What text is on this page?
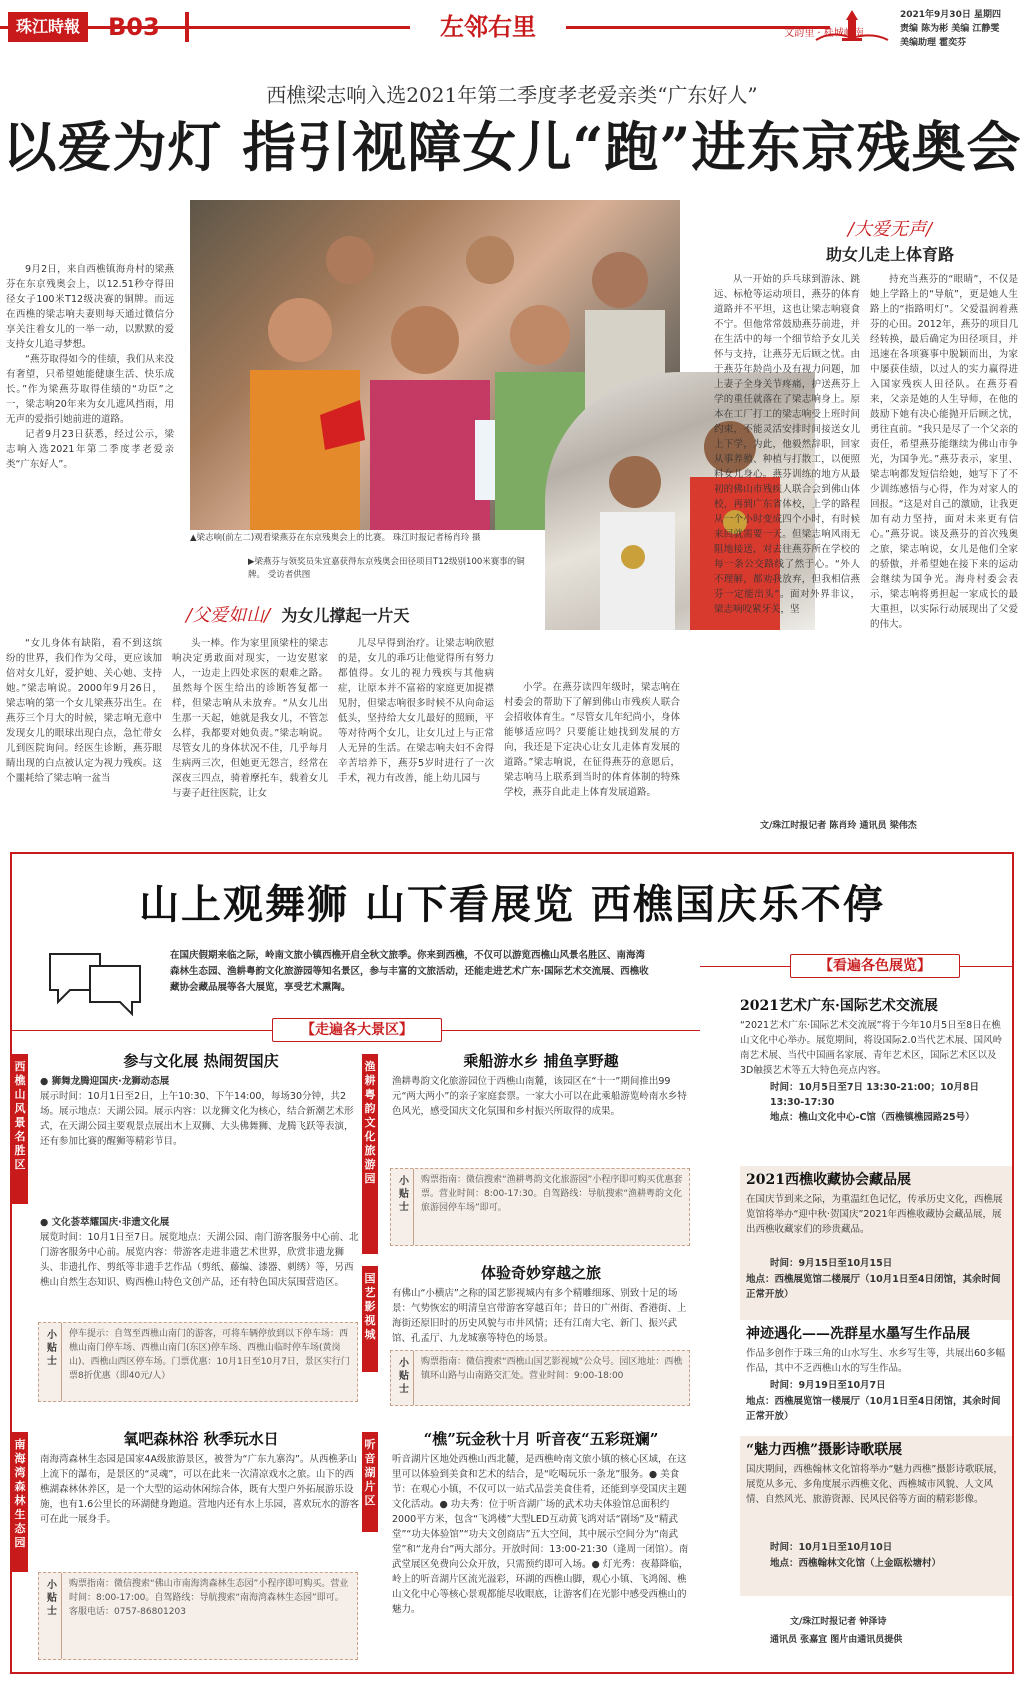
珠江時報	B03	左邻右里	文韵里 · 桂城岭南
2021年9月30日 星期四
责编 陈为彬 美编 江静雯
美编助理 霍奕芬
西樵梁志响入选2021年第二季度孝老爱亲类“广东好人”
以爱为灯 指引视障女儿“跑”进东京残奥会

9月2日，来自西樵镇海舟村的梁燕芬在东京残奥会上，以12.51秒夺得田径女子100米T12级决赛的铜牌。而远在西樵的梁志响夫妻则每天通过微信分享关注着女儿的一举一动，以默默的爱支持女儿追寻梦想。

“燕芬取得如今的佳绩，我们从来没有奢望，只希望她能健康生活、快乐成长。”作为梁燕芬取得佳绩的“功臣”之一，梁志响20年来为女儿遮风挡雨，用无声的爱指引她前进的道路。

记者9月23日获悉，经过公示，梁志响入选2021年第二季度孝老爱亲类“广东好人”。

▲梁志响(前左二)观看梁燕芬在东京残奥会上的比赛。 珠江时报记者杨肖玲 摄
▶梁燕芬与领奖员朱宜嘉获得东京残奥会田径项目T12级别100米赛事的铜牌。 受访者供图
/父爱如山/ 为女儿撑起一片天

“女儿身体有缺陷，看不到这缤纷的世界，我们作为父母，更应该加倍对女儿好，爱护她、关心她、支持她。”梁志响说。2000年9月26日，梁志响的第一个女儿梁燕芬出生。在燕芬三个月大的时候，梁志响无意中发现女儿的眼球出现白点，急忙带女儿到医院询问。经医生诊断，燕芬眼睛出现的白点被认定为视力残疾。这个噩耗给了梁志响一盆当

头一棒。作为家里顶梁柱的梁志响决定勇敢面对现实，一边安慰家人，一边走上四处求医的艰难之路。虽然每个医生给出的诊断答复都一样，但梁志响从未放弃。“从女儿出生那一天起，她就是我女儿，不管怎么样，我都要对她负责。”梁志响说。尽管女儿的身体状况不佳，几乎每月生病两三次，但她更无怨言，经常在深夜三四点，骑着摩托车，载着女儿与妻子赶往医院，让女

儿尽早得到治疗。让梁志响欣慰的是，女儿的乖巧让他觉得所有努力都值得。女儿的视力残疾与其他病症，让原本并不富裕的家庭更加捉襟见肘，但梁志响很多时候不从向命运低头，坚持给大女儿最好的照顾，平等对待两个女儿，让女儿过上与正常人无异的生活。在梁志响夫妇不舍得辛苦培养下，燕芬5岁时进行了一次手术，视力有改善，能上幼儿园与

小学。在燕芬读四年级时，梁志响在村委会的帮助下了解到佛山市残疾人联合会招收体育生。“尽管女儿年纪尚小，身体能够适应吗？只要能让她找到发展的方向，我还是下定决心让女儿走体育发展的道路。”梁志响说，在征得燕芬的意愿后，梁志响马上联系到当时的体育体制的特殊学校，燕芬自此走上体育发展道路。

/大爱无声/
助女儿走上体育路

从一开始的乒乓球到游泳、跳远、标枪等运动项目，燕芬的体育道路并不平坦，这也让梁志响寝食不宁。但他常常鼓励燕芬前进，并在生活中的每一个细节给予女儿关怀与支持，让燕芬无后顾之忧。由于燕芬年龄尚小及有视力问题，加上妻子全身关节疼痛，护送燕芬上学的重任就落在了梁志响身上。原本在工厂打工的梁志响受上班时间约束，不能灵活安排时间接送女儿上下学，为此，他毅然辞职，回家从事养殖、种植与打散工，以便照料女儿身心。燕芬训练的地方从最初的佛山市残疾人联合会到佛山体校，再到广东省体校，上学的路程从一个小时变成四个小时，有时候来回就需要一天。但梁志响风雨无阻地接送，对去往燕芬所在学校的每一条公交路线了然于心。“外人不理解，都劝我放弃，但我相信燕芬一定能出头”。面对外界非议，梁志响咬紧牙关，坚

持充当燕芬的“眼睛”，不仅是她上学路上的“导航”，更是她人生路上的“指路明灯”。父爱温润着燕芬的心田。2012年，燕芬的项目几经转换，最后确定为田径项目，并迅速在各项赛事中脱颖而出，为家中屡获佳绩，以过人的实力赢得进入国家残疾人田径队。在燕芬看来，父亲是她的人生导师，在他的鼓励下她有决心能抛开后顾之忧，勇往直前。“我只是尽了一个父亲的责任，希望燕芬能继续为佛山市争光，为国争光。”燕芬表示，家里、梁志响都发短信给她，她写下了不少训练感悟与心得，作为对家人的回报。“这是对自己的激励，让我更加有动力坚持，面对未来更有信心。”燕芬说。谈及燕芬的首次残奥之旅，梁志响说，女儿是他们全家的骄傲，并希望她在接下来的运动会继续为国争光。海舟村委会表示，梁志响将勇担起一家成长的最大重担，以实际行动展现出了父爱的伟大。

文/珠江时报记者 陈肖玲 通讯员 梁伟杰
山上观舞狮 山下看展览 西樵国庆乐不停
在国庆假期来临之际，岭南文旅小镇西樵开启全秋文旅季。你来到西樵，不仅可以游览西樵山风景名胜区、南海湾森林生态园、渔耕粤韵文化旅游园等知名景区，参与丰富的文旅活动，还能走进艺术广东·国际艺术交流展、西樵收藏协会藏品展等各大展览，享受艺术熏陶。
【走遍各大景区】
【看遍各色展览】
西樵山风景名胜区
参与文化展 热闹贺国庆
● 狮舞龙腾迎国庆·龙狮动态展
展示时间：10月1日至2日，上午10:30、下午14:00，每场30分钟，共2场。展示地点：天湖公园。展示内容：以龙狮文化为核心，结合新潮艺术形式，在天湖公园主要观景点展出木上双狮、大头佛舞狮、龙腾飞跃等表演，还有参加比赛的醒狮等精彩节目。
● 文化荟萃耀国庆·非遗文化展
展览时间：10月1日至7日。展览地点：天湖公园、南门游客服务中心前、北门游客服务中心前。展览内容：带游客走进非遗艺术世界，欣赏非遗龙狮头、非遗扎作、剪纸等非遗手艺作品（剪纸、藤编、漆器、刺绣）等，另西樵山自然生态知识、购西樵山特色文创产品，还有特色国庆氛围营造区。
小贴士
停车提示：自驾至西樵山南门的游客，可将车辆停放到以下停车场：西樵山南门停车场、西樵山南门(东区)停车场、西樵山临时停车场(黄岗山)、西樵山西区停车场。门票优惠：10月1日至10月7日，景区实行门票8折优惠（即40元/人）
渔耕粤韵文化旅游园
乘船游水乡 捕鱼享野趣
渔耕粤韵文化旅游园位于西樵山南麓，该园区在“十一”期间推出99元“两大两小”的亲子家庭套票。一家大小可以在此乘船游览岭南水乡特色风光，感受国庆文化氛围和乡村振兴所取得的成果。
小贴士
购票指南：微信搜索“渔耕粤韵文化旅游园”小程序即可购买优惠套票。营业时间：8:00-17:30。自驾路线：导航搜索“渔耕粤韵文化旅游园停车场”即可。
国艺影视城
体验奇妙穿越之旅
有佛山“小横店”之称的国艺影视城内有多个精雕细琢、别致十足的场景：气势恢宏的明清皇宫带游客穿越百年；昔日的广州街、香港街、上海街还原旧时的历史风貌与市井风情；还有江南大宅、新门、振兴武馆、孔孟厅、九龙城寨等特色的场景。
小贴士
购票指南：微信搜索“西樵山国艺影视城”公众号。园区地址：西樵镇环山路与山南路交汇处。营业时间：9:00-18:00
南海湾森林生态园
氧吧森林浴 秋季玩水日
南海湾森林生态园是国家4A级旅游景区，被誉为“广东九寨沟”。从西樵茅山上流下的瀑布，是景区的“灵魂”，可以在此来一次清凉戏水之旅。山下的西樵湖森林休养区，是一个大型的运动休闲综合体，既有大型户外拓展游乐设施，也有1.6公里长的环湖健身跑道。营地内还有水上乐园，喜欢玩水的游客可在此一展身手。
小贴士
购票指南：微信搜索“佛山市南海湾森林生态园”小程序即可购买。营业时间：8:00-17:00。自驾路线：导航搜索“南海湾森林生态园”即可。客服电话：0757-86801203
听音湖片区
“樵”玩金秋十月 听音夜“五彩斑斓”
听音湖片区地处西樵山西北麓，是西樵岭南文旅小镇的核心区域，在这里可以体验到美食和艺术的结合，是“吃喝玩乐一条龙”服务。● 美食节：在观心小镇，不仅可以一站式品尝美食佳肴，还能到享受国庆主题文化活动。● 功夫秀：位于听音湖广场的武术功夫体验馆总面积约2000平方米，包含“飞鸿楼”大型LED互动黄飞鸿对话“剧场”及“精武堂”“功夫体验馆”“功夫文创商店”五大空间，其中展示空间分为“南武堂”和“龙舟台”两大部分。开放时间：13:00-21:30（逢周一闭馆）。南武堂展区免费向公众开放，只需预约即可入场。● 灯光秀：夜幕降临，岭上的听音湖片区流光溢彩，环湖的西樵山脚，观心小镇、飞鸿阁、樵山文化中心等核心景观都能尽收眼底，让游客们在光影中感受西樵山的魅力。
2021艺术广东·国际艺术交流展
“2021艺术广东·国际艺术交流展”将于今年10月5日至8日在樵山文化中心举办。展览期间，将设国际2.0当代艺术展、国风岭南艺术展、当代中国画名家展、青年艺术区，国际艺术区以及3D触摸艺术等五大特色亮点内容。
时间：10月5日至7日 13:30-21:00；10月8日 13:30-17:30
地点：樵山文化中心-C馆（西樵镇樵园路25号）
2021西樵收藏协会藏品展
在国庆节到来之际，为重温红色记忆，传承历史文化，西樵展览馆将举办“迎中秋·贺国庆”2021年西樵收藏协会藏品展，展出西樵收藏家们的珍贵藏品。
时间：9月15日至10月15日
地点：西樵展览馆二楼展厅（10月1日至4日闭馆，其余时间正常开放）
神迹遇化——冼群星水墨写生作品展
作品多创作于珠三角的山水写生、水乡写生等，共展出60多幅作品，其中不乏西樵山水的写生作品。
时间：9月19日至10月7日
地点：西樵展览馆一楼展厅（10月1日至4日闭馆，其余时间正常开放）
“魅力西樵”摄影诗歌联展
国庆期间，西樵翰林文化馆将举办“魅力西樵”摄影诗歌联展，展览从多元、多角度展示西樵文化、西樵城市风貌、人文风情、自然风光、旅游资源、民风民俗等方面的精彩影像。
时间：10月1日至10月10日
地点：西樵翰林文化馆（上金瓯松塘村）
文/珠江时报记者 钟泽诗
通讯员 张嘉宜 图片由通讯员提供
